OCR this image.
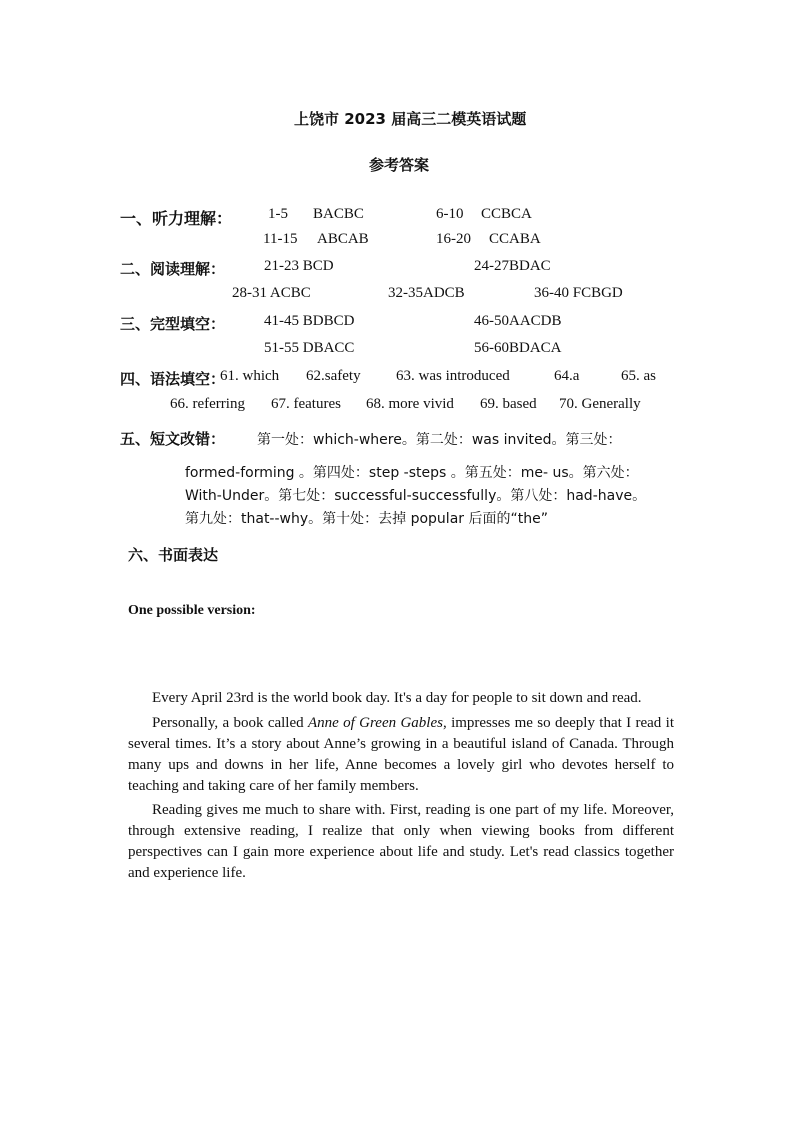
上饶市 2023 届高三二模英语试题
参考答案
一、听力理解： 1-5 BACBC	6-10 CCBCA
11-15 ABCAB	16-20 CCABA
二、阅读理解：	21-23 BCD	24-27BDAC
28-31 ACBC	32-35ADCB	36-40 FCBGD
三、完型填空：	41-45 BDBCD	46-50AACDB
51-55 DBACC	56-60BDACA
四、语法填空：
61. which 62.safety 63. was introduced	64.a	65. as
66. referring 67. features 68. more vivid 69. based 70. Generally
五、短文改错： 第一处：which-where。第二处：was invited。第三处：
formed-forming 。第四处：step -steps 。第五处：me- us。第六处：
With-Under。第七处：successful-successfully。第八处：had-have。
第九处：that--why。第十处：去掉 popular 后面的“the”
六、书面表达
One possible version:

Every April 23rd is the world book day. It's a day for people to sit down and read.

Personally, a book called Anne of Green Gables, impresses me so deeply that I read it several times. It’s a story about Anne’s growing in a beautiful island of Canada. Through many ups and downs in her life, Anne becomes a lovely girl who devotes herself to teaching and taking care of her family members.

Reading gives me much to share with. First, reading is one part of my life. Moreover, through extensive reading, I realize that only when viewing books from different perspectives can I gain more experience about life and study. Let's read classics together and experience life.
